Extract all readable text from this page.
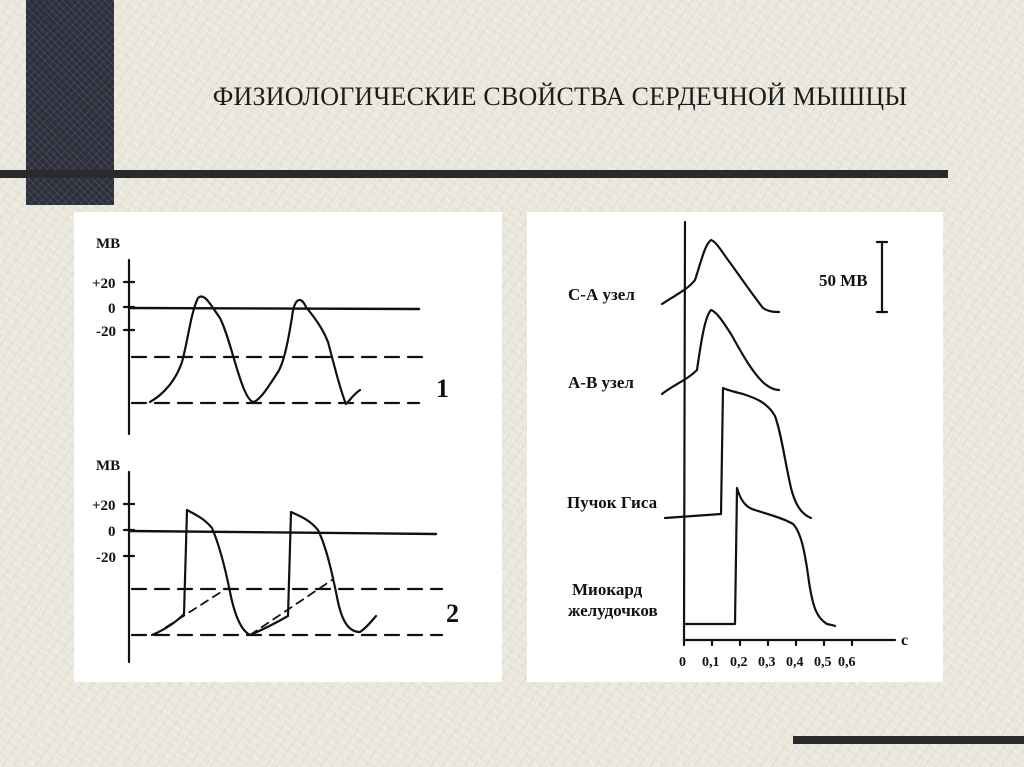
ФИЗИОЛОГИЧЕСКИЕ СВОЙСТВА СЕРДЕЧНОЙ МЫШЦЫ
МВ
+20
0
-20
1
МВ
+20
0
-20
2
С-А узел
А-В узел
Пучок Гиса
Миокард
желудочков
50 МВ
с
0 0,1 0,2 0,3 0,4 0,5 0,6
